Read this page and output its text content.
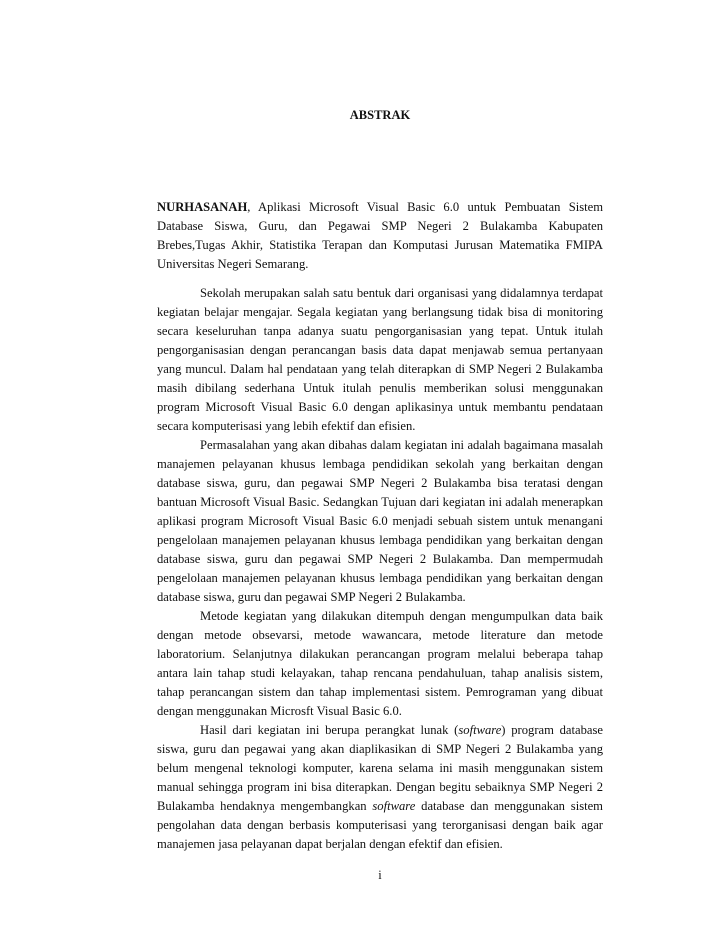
ABSTRAK

NURHASANAH, Aplikasi Microsoft Visual Basic 6.0 untuk Pembuatan Sistem Database Siswa, Guru, dan Pegawai SMP Negeri 2 Bulakamba Kabupaten Brebes,Tugas Akhir, Statistika Terapan dan Komputasi Jurusan Matematika FMIPA Universitas Negeri Semarang.

Sekolah merupakan salah satu bentuk dari organisasi yang didalamnya terdapat kegiatan belajar mengajar. Segala kegiatan yang berlangsung tidak bisa di monitoring secara keseluruhan tanpa adanya suatu pengorganisasian yang tepat. Untuk itulah pengorganisasian dengan perancangan basis data dapat menjawab semua pertanyaan yang muncul. Dalam hal pendataan yang telah diterapkan di SMP Negeri 2 Bulakamba masih dibilang sederhana Untuk itulah penulis memberikan solusi menggunakan program Microsoft Visual Basic 6.0 dengan aplikasinya untuk membantu pendataan secara komputerisasi yang lebih efektif dan efisien.

Permasalahan yang akan dibahas dalam kegiatan ini adalah bagaimana masalah manajemen pelayanan khusus lembaga pendidikan sekolah yang berkaitan dengan database siswa, guru, dan pegawai SMP Negeri 2 Bulakamba bisa teratasi dengan bantuan Microsoft Visual Basic. Sedangkan Tujuan dari kegiatan ini adalah menerapkan aplikasi program Microsoft Visual Basic 6.0 menjadi sebuah sistem untuk menangani pengelolaan manajemen pelayanan khusus lembaga pendidikan yang berkaitan dengan database siswa, guru dan pegawai SMP Negeri 2 Bulakamba. Dan mempermudah pengelolaan manajemen pelayanan khusus lembaga pendidikan yang berkaitan dengan database siswa, guru dan pegawai SMP Negeri 2 Bulakamba.

Metode kegiatan yang dilakukan ditempuh dengan mengumpulkan data baik dengan metode obsevarsi, metode wawancara, metode literature dan metode laboratorium. Selanjutnya dilakukan perancangan program melalui beberapa tahap antara lain tahap studi kelayakan, tahap rencana pendahuluan, tahap analisis sistem, tahap perancangan sistem dan tahap implementasi sistem. Pemrograman yang dibuat dengan menggunakan Microsft Visual Basic 6.0.

Hasil dari kegiatan ini berupa perangkat lunak (software) program database siswa, guru dan pegawai yang akan diaplikasikan di SMP Negeri 2 Bulakamba yang belum mengenal teknologi komputer, karena selama ini masih menggunakan sistem manual sehingga program ini bisa diterapkan. Dengan begitu sebaiknya SMP Negeri 2 Bulakamba hendaknya mengembangkan software database dan menggunakan sistem pengolahan data dengan berbasis komputerisasi yang terorganisasi dengan baik agar manajemen jasa pelayanan dapat berjalan dengan efektif dan efisien.

i
